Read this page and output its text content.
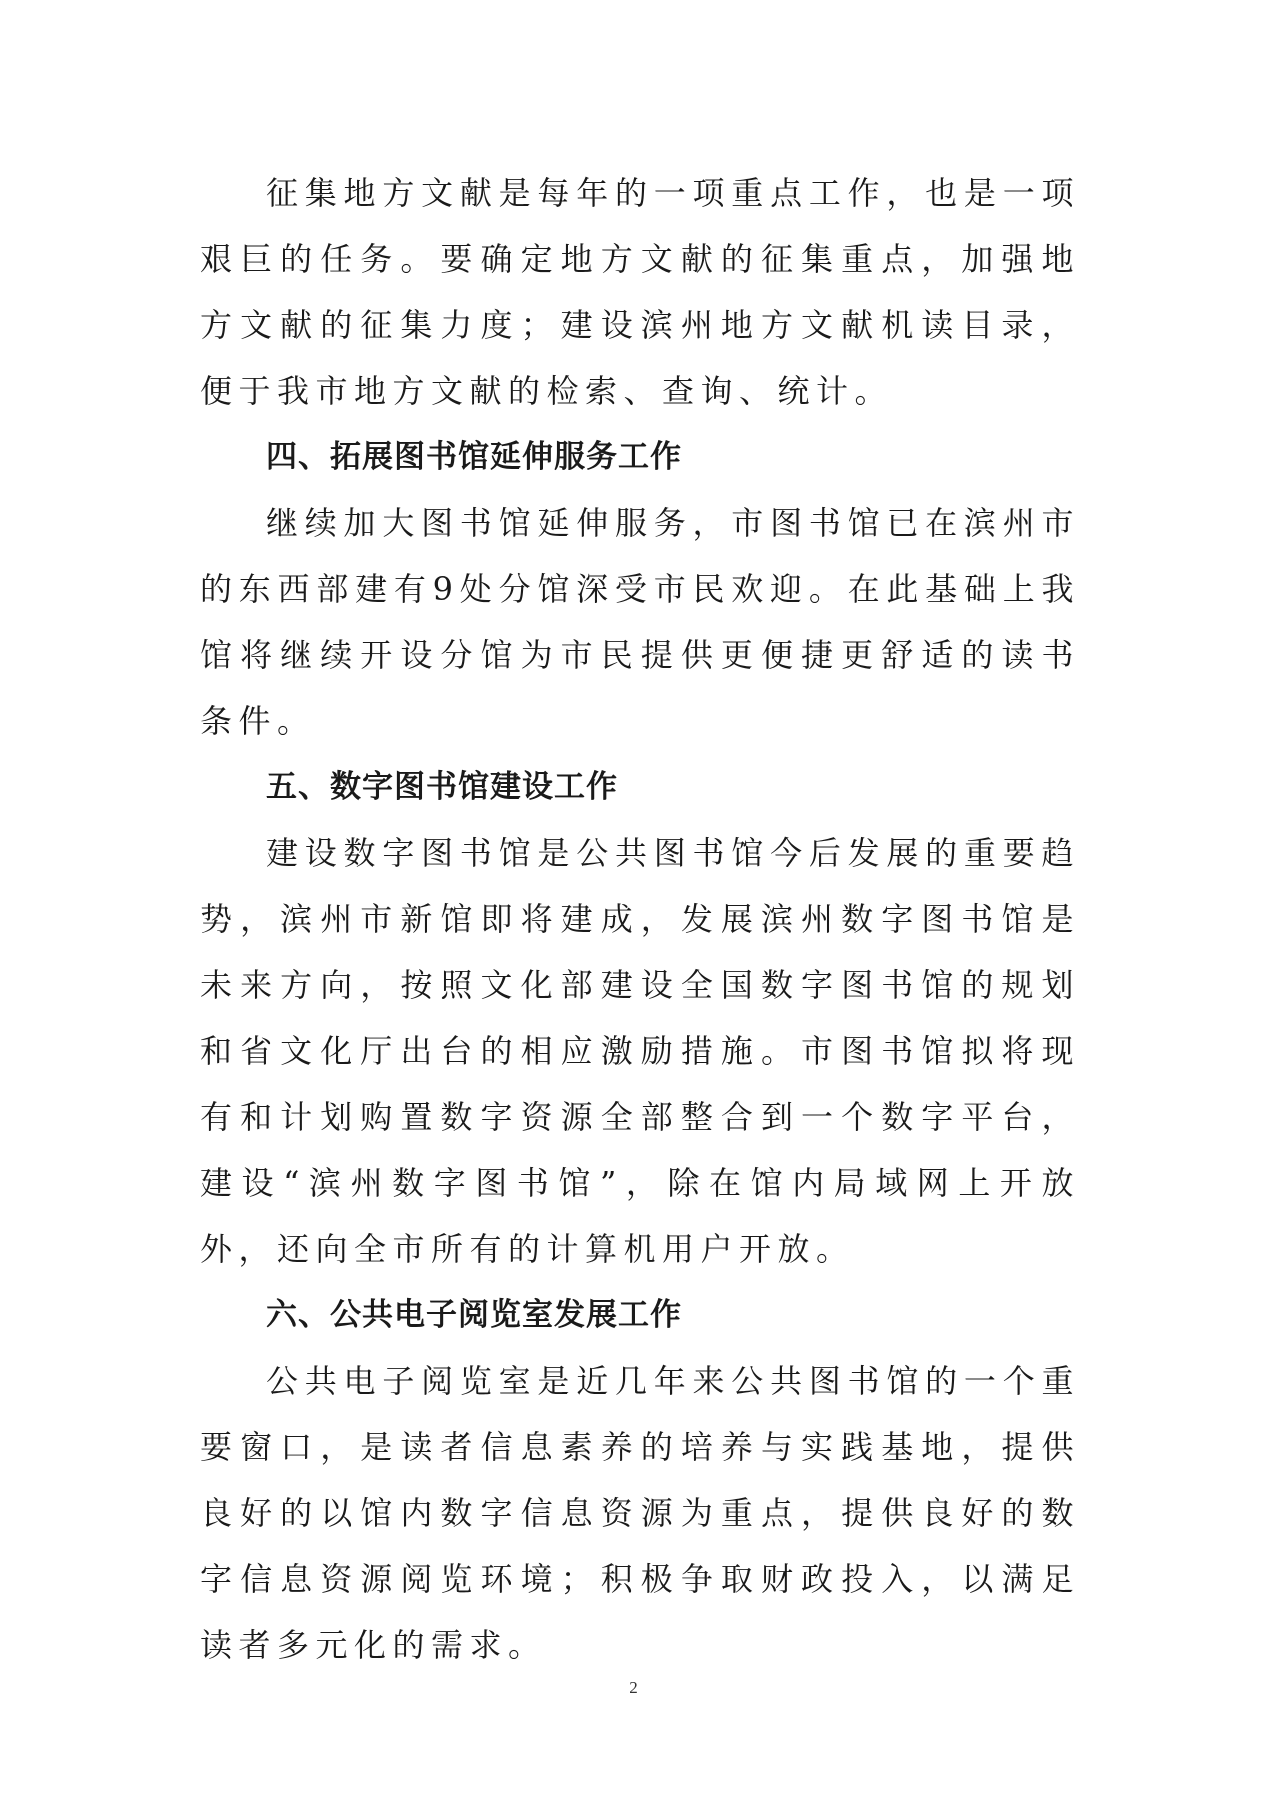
征集地方文献是每年的一项重点工作，也是一项艰巨的任务。要确定地方文献的征集重点，加强地方文献的征集力度；建设滨州地方文献机读目录，便于我市地方文献的检索、查询、统计。

四、拓展图书馆延伸服务工作

继续加大图书馆延伸服务，市图书馆已在滨州市的东西部建有9处分馆深受市民欢迎。在此基础上我馆将继续开设分馆为市民提供更便捷更舒适的读书条件。

五、数字图书馆建设工作

建设数字图书馆是公共图书馆今后发展的重要趋势，滨州市新馆即将建成，发展滨州数字图书馆是未来方向，按照文化部建设全国数字图书馆的规划和省文化厅出台的相应激励措施。市图书馆拟将现有和计划购置数字资源全部整合到一个数字平台，建设“滨州数字图书馆”，除在馆内局域网上开放外，还向全市所有的计算机用户开放。

六、公共电子阅览室发展工作

公共电子阅览室是近几年来公共图书馆的一个重要窗口，是读者信息素养的培养与实践基地，提供良好的以馆内数字信息资源为重点，提供良好的数字信息资源阅览环境；积极争取财政投入，以满足读者多元化的需求。

2
